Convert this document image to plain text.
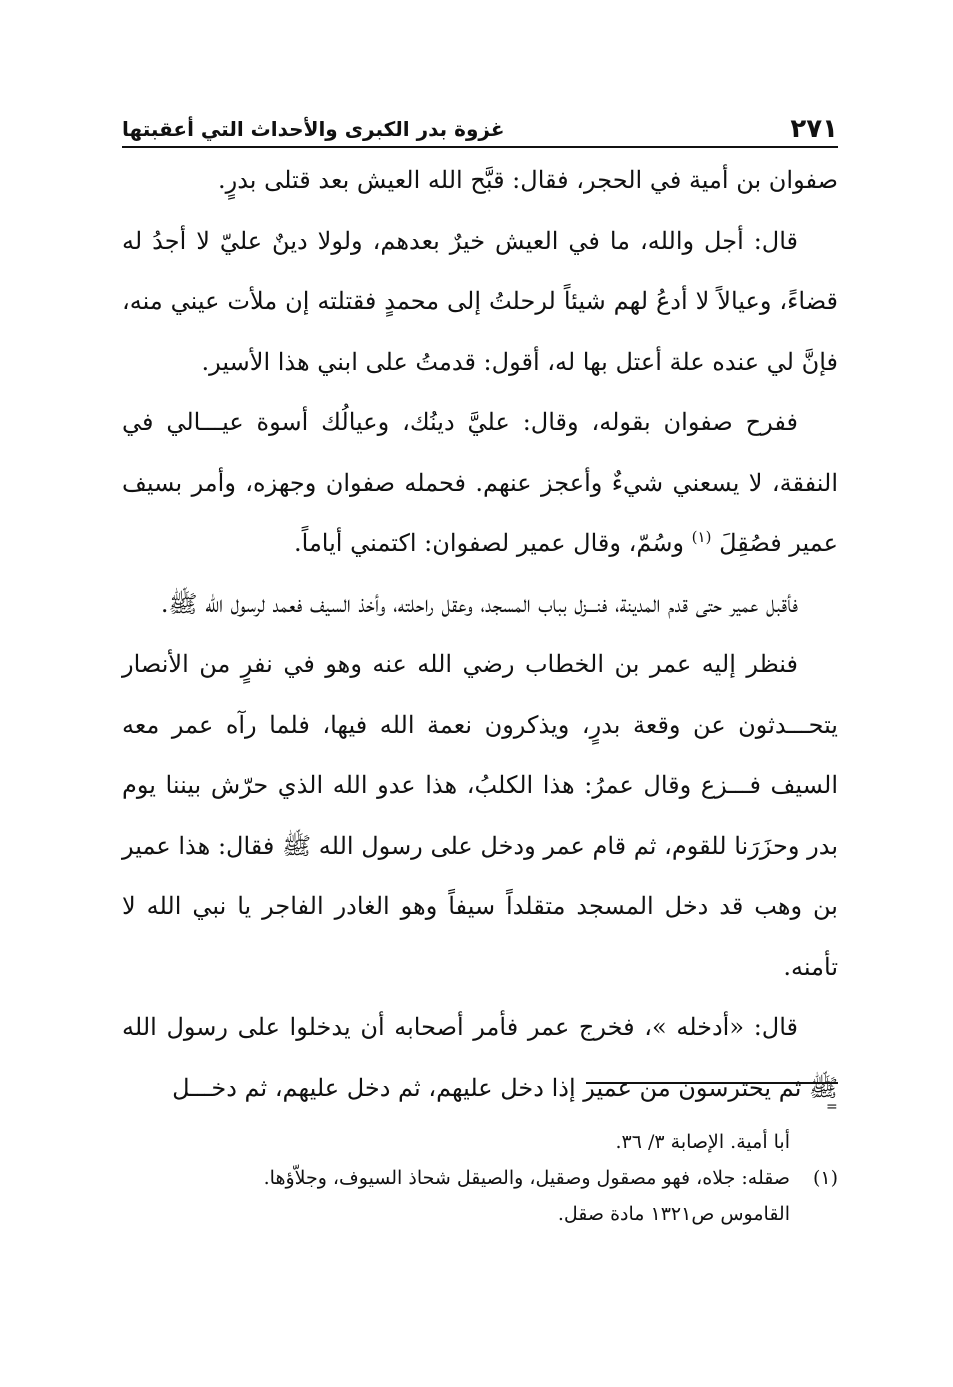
٢٧١
غزوة بدر الكبرى والأحداث التي أعقبتها

صفوان بن أمية في الحجر، فقال: قبَّح الله العيش بعد قتلى بدرٍ.

قال: أجل والله، ما في العيش خيرٌ بعدهم، ولولا دينٌ عليّ لا أجدُ له قضاءً، وعيالاً لا أدعُ لهم شيئاً لرحلتُ إلى محمدٍ فقتلته إن ملأت عيني منه، فإنَّ لي عنده علة أعتل بها له، أقول: قدمتُ على ابني هذا الأسير.

ففرح صفوان بقوله، وقال: عليَّ دينُك، وعيالُك أسوة عيـــالي في النفقة، لا يسعني شيءٌ وأعجز عنهم. فحمله صفوان وجهزه، وأمر بسيف عمير فصُقِلَ $^{(١)}$ وسُمّ، وقال عمير لصفوان: اكتمني أياماً.

فأقبل عمير حتى قدم المدينة، فنـــزل بباب المسجد، وعقل راحلته، وأخذ السيف فعمد لرسول الله ﷺ.

فنظر إليه عمر بن الخطاب رضي الله عنه وهو في نفرٍ من الأنصار يتحـــدثون عن وقعة بدرٍ، ويذكرون نعمة الله فيها، فلما رآه عمر معه السيف فـــزع وقال عمرُ: هذا الكلبُ، هذا عدو الله الذي حرّش بيننا يوم بدر وحزَرَنا للقوم، ثم قام عمر ودخل على رسول الله ﷺ فقال: هذا عمير بن وهب قد دخل المسجد متقلداً سيفاً وهو الغادر الفاجر يا نبي الله لا تأمنه.

قال: «أدخله »، فخرج عمر فأمر أصحابه أن يدخلوا على رسول الله ﷺ ثم يحترسون من عمير إذا دخل عليهم، ثم دخل عليهم، ثم دخـــل

=

أبا أمية. الإصابة ٣/ ٣٦.

(١)
صقله: جلاه، فهو مصقول وصقيل، والصيقل شحاذ السيوف، وجلاّؤها.

القاموس ص١٣٢١ مادة صقل.
